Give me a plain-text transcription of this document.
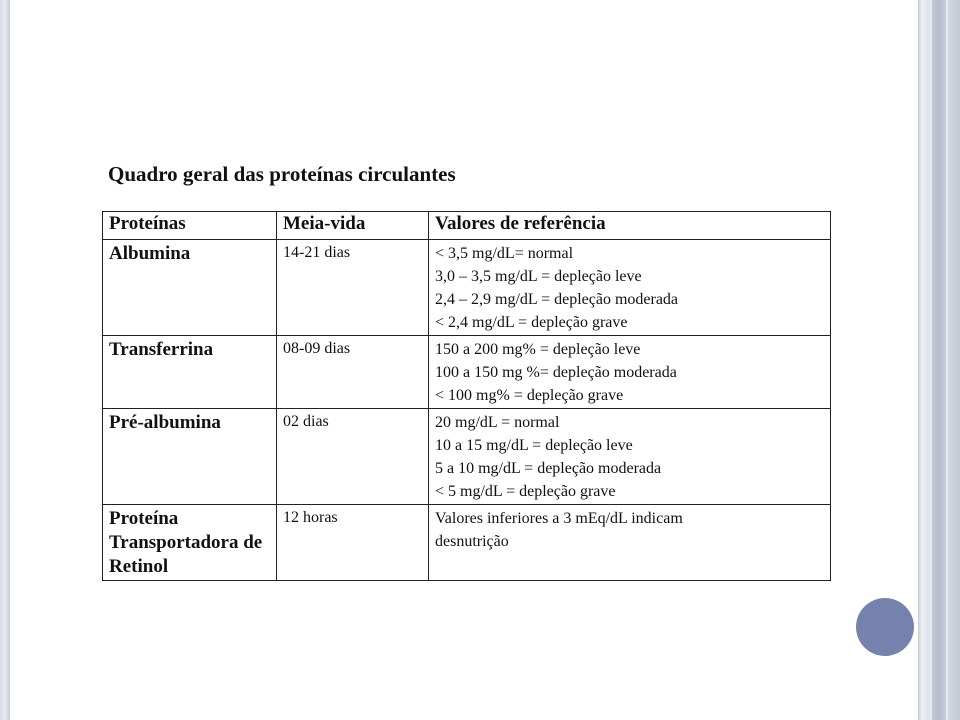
Quadro geral das proteínas circulantes
Proteínas	Meia-vida	Valores de referência
Albumina	14-21 dias	< 3,5 mg/dL= normal
3,0 – 3,5 mg/dL = depleção leve
2,4 – 2,9 mg/dL = depleção moderada
< 2,4 mg/dL = depleção grave

Transferrina	08-09 dias	150 a 200 mg% = depleção leve
100 a 150 mg %= depleção moderada
< 100 mg% = depleção grave

Pré-albumina	02 dias	20 mg/dL = normal
10 a 15 mg/dL = depleção leve
5 a 10 mg/dL = depleção moderada
< 5 mg/dL = depleção grave

Proteína Transportadora de Retinol	12 horas	Valores inferiores a 3 mEq/dL indicam
desnutrição
